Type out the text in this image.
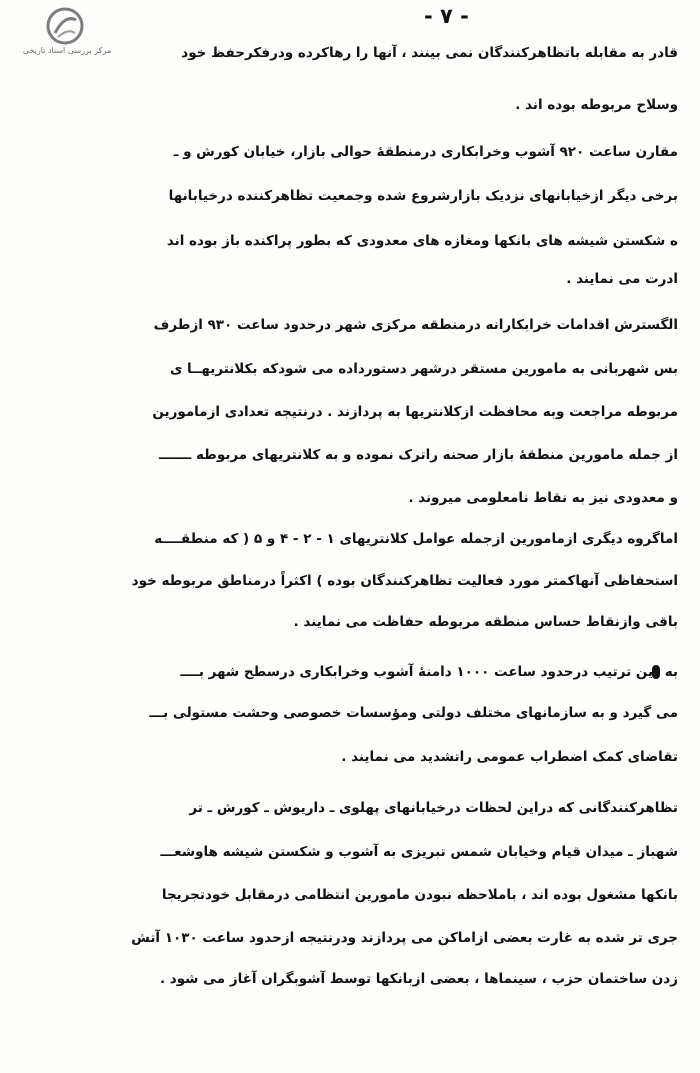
مرکز بررسی اسناد تاریخی
- ۷ -
قادر به مقابله باتظاهرکنندگان نمی بینند ، آنها را رهاکرده ودرفکرحفظ خود
وسلاح مربوطه بوده اند .
مقارن ساعت ۹۲۰ آشوب وخرابکاری درمنطقهٔ حوالی بازار، خیابان کورش و ـ
برخی دیگر ازخیابانهای نزدیک بازارشروع شده وجمعیت تظاهرکننده درخیابانها
ه شکستن شیشه های بانکها ومغازه های معدودی که بطور پراکنده باز بوده اند
ادرت می نمایند .
الگسترش اقدامات خرابکارانه درمنطقه مرکزی شهر درحدود ساعت ۹۳۰ ازطرف
بس شهربانی به مامورین مستقر درشهر دستورداده می شودکه بکلانتریهــا ی
مربوطه مراجعت وبه محافظت ازکلانتریها به پردازند . درنتیجه تعدادی ازمامورین
از جمله مامورین منطقهٔ بازار صحنه راترک نموده و به کلانتریهای مربوطه ـــــــ
و معدودی نیز به نقاط نامعلومی میروند .
اماگروه دیگری ازمامورین ازجمله عوامل کلانتریهای ۱ - ۲ - ۴ و ۵ ( که منطقــــه
استحفاظی آنهاکمتر مورد فعالیت تظاهرکنندگان بوده ) اکثراً درمناطق مربوطه خود
باقی وازنقاط حساس منطقه مربوطه حفاظت می نمایند .
به دین ترتیب درحدود ساعت ۱۰۰۰ دامنهٔ آشوب وخرابکاری درسطح شهر بــــ
می گیرد و به سازمانهای مختلف دولتی ومؤسسات خصوصی وحشت مستولی بـــ
تقاضای کمک اضطراب عمومی راتشدید می نمایند .
تظاهرکنندگانی که دراین لحظات درخیابانهای پهلوی ـ داریوش ـ کورش ـ تر
شهباز ـ میدان قیام وخیابان شمس تبریزی به آشوب و شکستن شیشه هاوشعـــ
بانکها مشغول بوده اند ، باملاحظه نبودن مامورین انتظامی درمقابل خودتجریجا
جری تر شده به غارت بعضی ازاماکن می پردازند ودرنتیجه ازحدود ساعت ۱۰۳۰ آتش
زدن ساختمان حزب ، سینماها ، بعضی ازبانکها توسط آشوبگران آغاز می شود .
